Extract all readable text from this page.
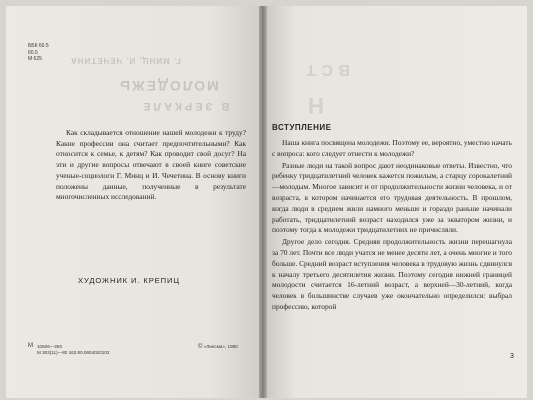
ББК 60.5
60.5
М 625	Г. МИНЦ, И. ЧЕЧЕТИНА
МОЛОДЕЖЬ
В ЗЕРКАЛЕ
Как складывается отношение нашей молодежи к труду? Какие профессии она считает предпочтительными? Как относится к семье, к детям? Как проводит свой досуг? На эти и другие вопросы отвечают в своей книге советские ученые-социологи Г. Минц и И. Чечетина. В основу книги положены данные, полученные в результате многочисленных исследований.
ХУДОЖНИК И. КРЕПИЦ
М 10506—250
М 303(11)—80 163.80.0604020103
© «Лиесма», 1980
ВСТ
Н
ВСТУПЛЕНИЕ

Наша книга посвящена молодежи. Поэтому ее, вероятно, уместно начать с вопроса: кого следует отнести к молодежи?

Разные люди на такой вопрос дают неодинаковые ответы. Известно, что ребенку тридцатилетний человек кажется пожилым, а старцу сорокалетний—молодым. Многое зависит и от продолжительности жизни человека, и от возраста, в котором начинается его трудовая деятельность. В прошлом, когда люди в среднем жили намного меньше и гораздо раньше начинали работать, тридцатилетний возраст находился уже за экватором жизни, и поэтому тогда к молодежи тридцатилетних не причисляли.

Другое дело сегодня. Средняя продолжительность жизни перешагнула за 70 лет. Почти все люди учатся не менее десяти лет, а очень многие и того больше. Средний возраст вступления человека в трудовую жизнь сдвинулся к началу третьего десятилетия жизни. Поэтому сегодня нижней границей молодости считается 16-летний возраст, а верхней—30-летний, когда человек в большинстве случаев уже окончательно определился: выбрал профессию, которой

3
